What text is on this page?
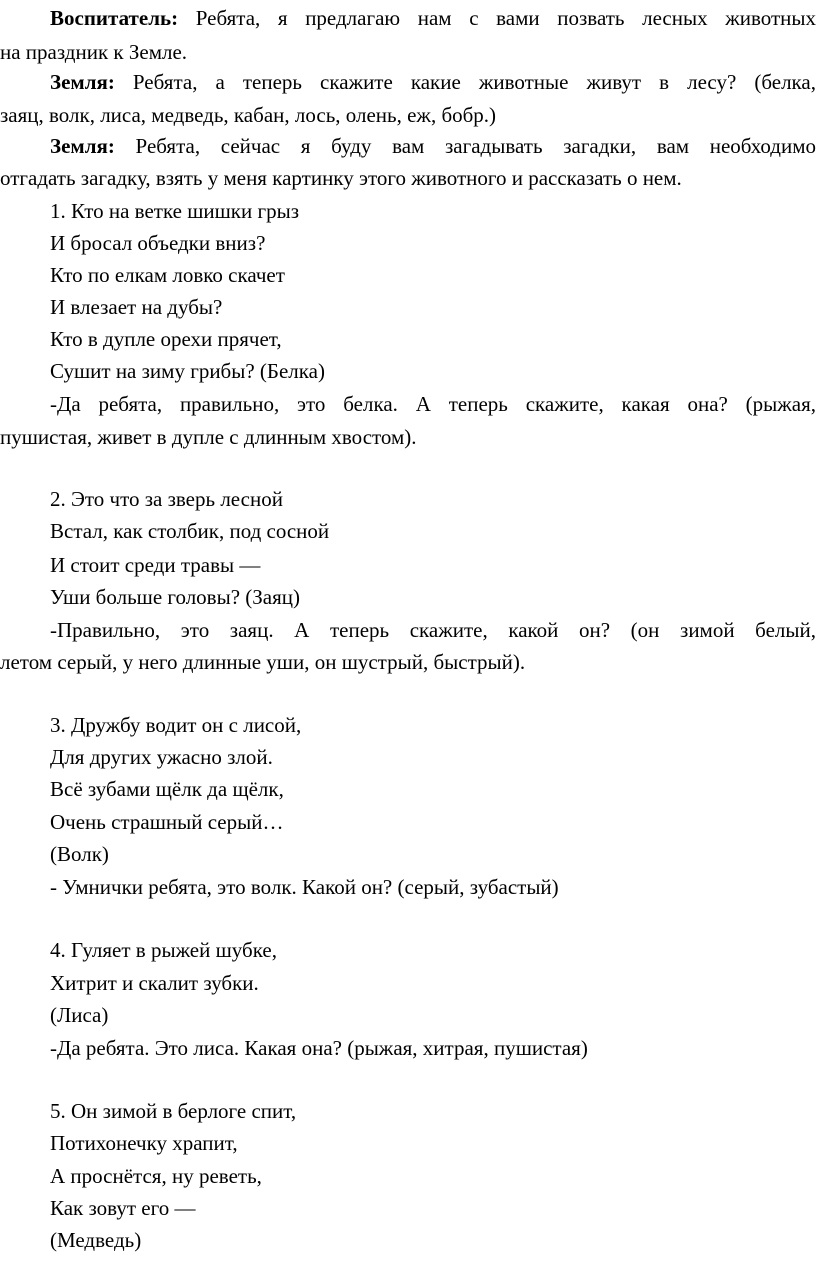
Воспитатель: Ребята, я предлагаю нам с вами позвать лесных животных
на праздник к Земле.
Земля: Ребята, а теперь скажите какие животные живут в лесу? (белка,
заяц, волк, лиса, медведь, кабан, лось, олень, еж, бобр.)
Земля: Ребята, сейчас я буду вам загадывать загадки, вам необходимо
отгадать загадку, взять у меня картинку этого животного и рассказать о нем.
1. Кто на ветке шишки грыз
И бросал объедки вниз?
Кто по елкам ловко скачет
И влезает на дубы?
Кто в дупле орехи прячет,
Сушит на зиму грибы? (Белка)
-Да ребята, правильно, это белка. А теперь скажите, какая она? (рыжая,
пушистая, живет в дупле с длинным хвостом).
2. Это что за зверь лесной
Встал, как столбик, под сосной
И стоит среди травы —
Уши больше головы? (Заяц)
-Правильно, это заяц. А теперь скажите, какой он? (он зимой белый,
летом серый, у него длинные уши, он шустрый, быстрый).
3. Дружбу водит он с лисой,
Для других ужасно злой.
Всё зубами щёлк да щёлк,
Очень страшный серый…
(Волк)
- Умнички ребята, это волк. Какой он? (серый, зубастый)
4. Гуляет в рыжей шубке,
Хитрит и скалит зубки.
(Лиса)
-Да ребята. Это лиса. Какая она? (рыжая, хитрая, пушистая)
5. Он зимой в берлоге спит,
Потихонечку храпит,
А проснётся, ну реветь,
Как зовут его —
(Медведь)
